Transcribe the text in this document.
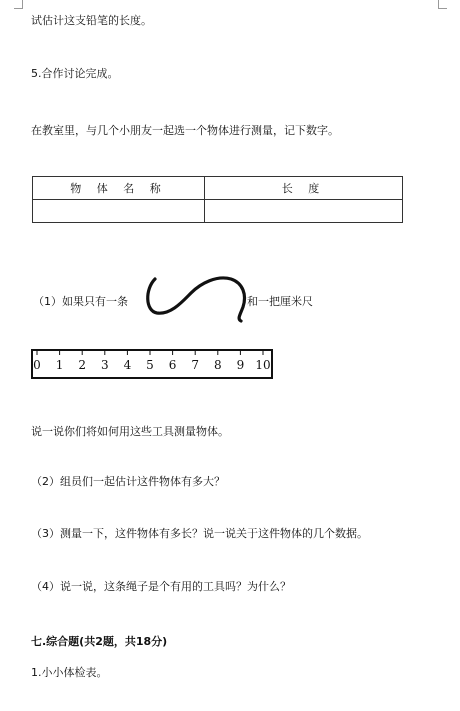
试估计这支铅笔的长度。
5.合作讨论完成。
在教室里，与几个小朋友一起选一个物体进行测量，记下数字。
物 体 名 称	长 度

（1）如果只有一条	和一把厘米尺
0 1 2 3 4 5 6 7 8 9 10
说一说你们将如何用这些工具测量物体。
（2）组员们一起估计这件物体有多大？
（3）测量一下，这件物体有多长？说一说关于这件物体的几个数据。
（4）说一说，这条绳子是个有用的工具吗？为什么？
七.综合题(共2题，共18分)
1.小小体检表。
